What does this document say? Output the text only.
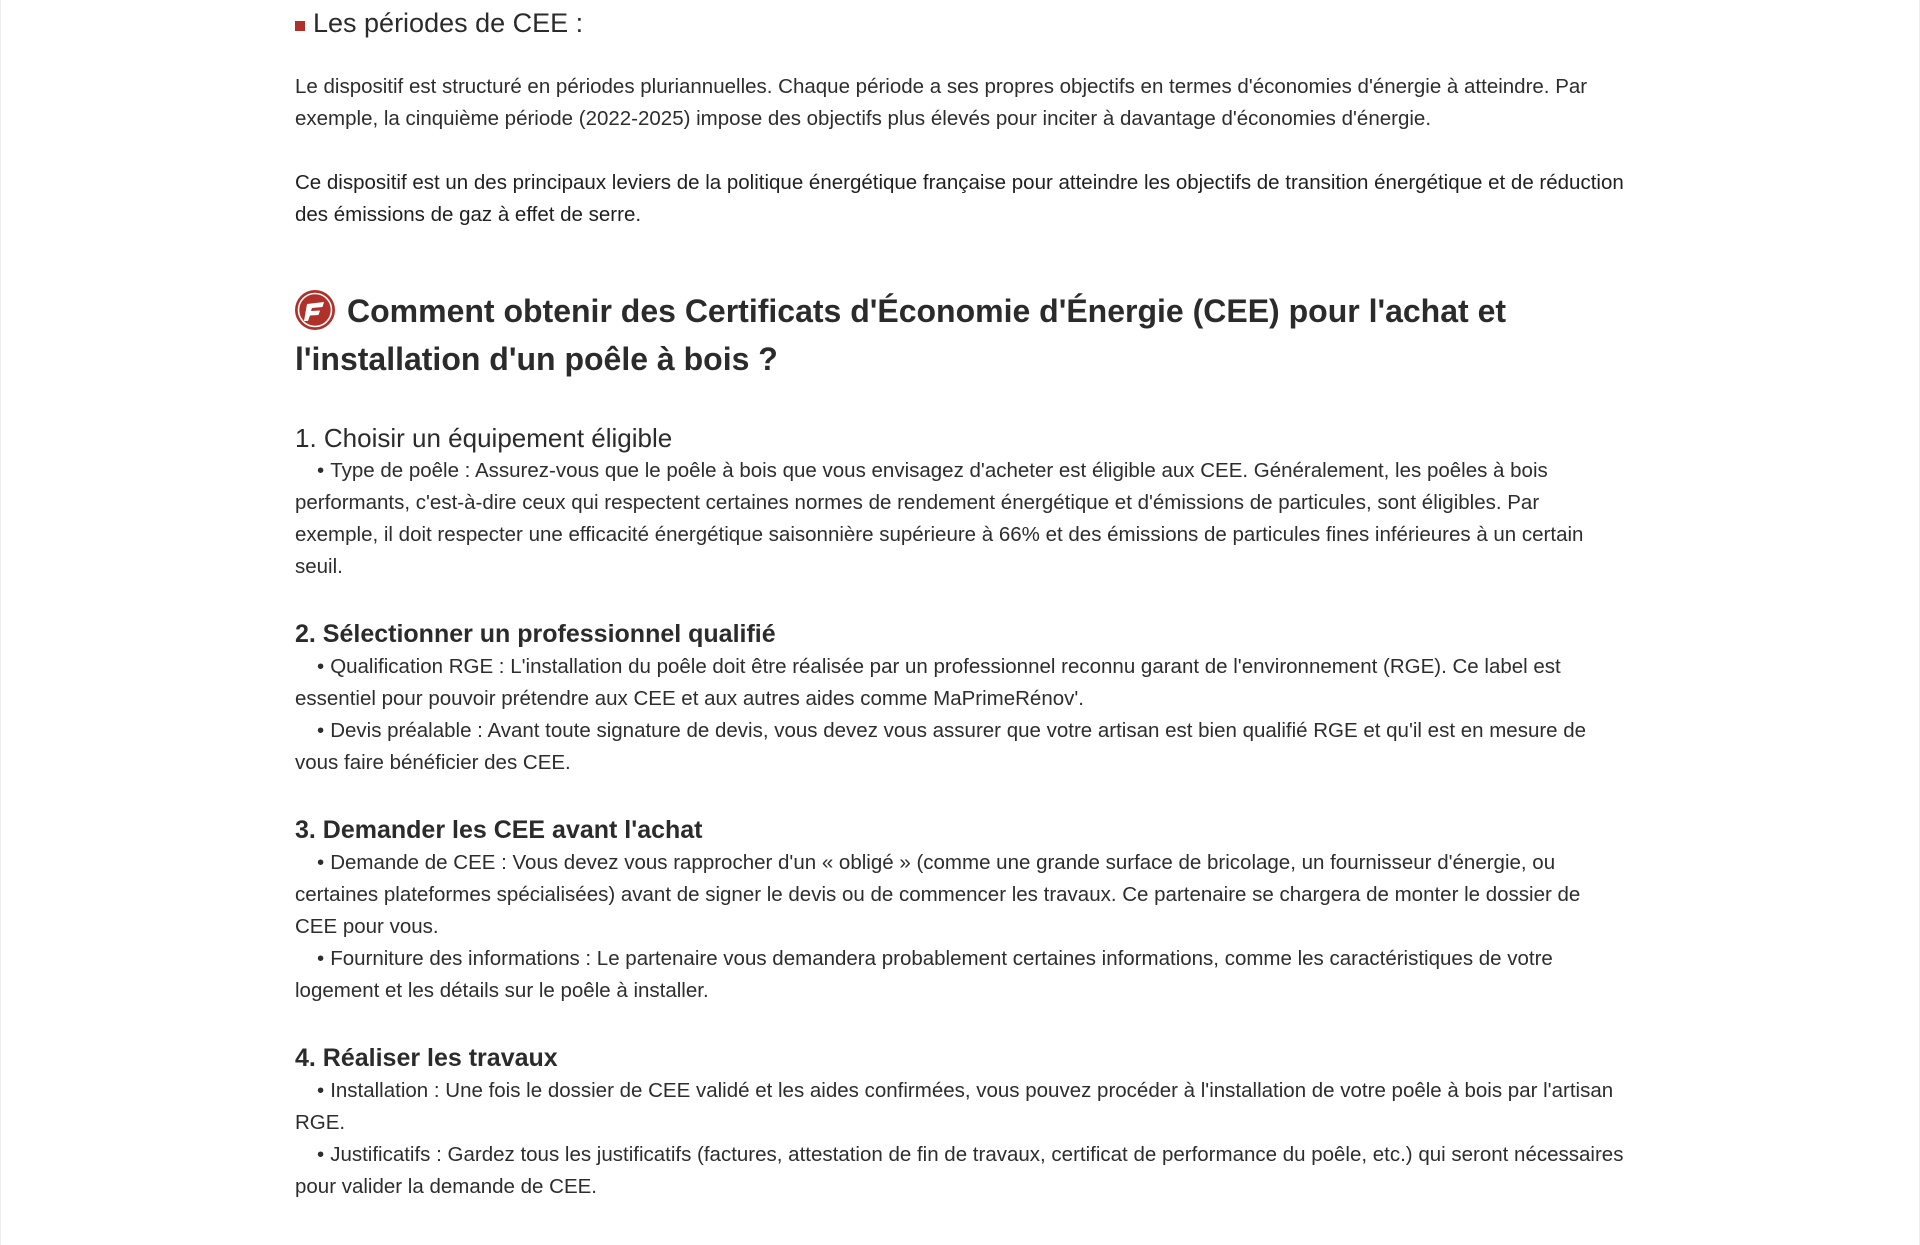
Les périodes de CEE :

Le dispositif est structuré en périodes pluriannuelles. Chaque période a ses propres objectifs en termes d'économies d'énergie à atteindre. Par exemple, la cinquième période (2022-2025) impose des objectifs plus élevés pour inciter à davantage d'économies d'énergie.

Ce dispositif est un des principaux leviers de la politique énergétique française pour atteindre les objectifs de transition énergétique et de réduction des émissions de gaz à effet de serre.

Comment obtenir des Certificats d'Économie d'Énergie (CEE) pour l'achat et l'installation d'un poêle à bois ?
1. Choisir un équipement éligible
• Type de poêle : Assurez-vous que le poêle à bois que vous envisagez d'acheter est éligible aux CEE. Généralement, les poêles à bois performants, c'est-à-dire ceux qui respectent certaines normes de rendement énergétique et d'émissions de particules, sont éligibles. Par exemple, il doit respecter une efficacité énergétique saisonnière supérieure à 66% et des émissions de particules fines inférieures à un certain seuil.
2. Sélectionner un professionnel qualifié
• Qualification RGE : L'installation du poêle doit être réalisée par un professionnel reconnu garant de l'environnement (RGE). Ce label est essentiel pour pouvoir prétendre aux CEE et aux autres aides comme MaPrimeRénov'.
• Devis préalable : Avant toute signature de devis, vous devez vous assurer que votre artisan est bien qualifié RGE et qu'il est en mesure de vous faire bénéficier des CEE.
3. Demander les CEE avant l'achat
• Demande de CEE : Vous devez vous rapprocher d'un « obligé » (comme une grande surface de bricolage, un fournisseur d'énergie, ou certaines plateformes spécialisées) avant de signer le devis ou de commencer les travaux. Ce partenaire se chargera de monter le dossier de CEE pour vous.
• Fourniture des informations : Le partenaire vous demandera probablement certaines informations, comme les caractéristiques de votre logement et les détails sur le poêle à installer.
4. Réaliser les travaux
• Installation : Une fois le dossier de CEE validé et les aides confirmées, vous pouvez procéder à l'installation de votre poêle à bois par l'artisan RGE.
• Justificatifs : Gardez tous les justificatifs (factures, attestation de fin de travaux, certificat de performance du poêle, etc.) qui seront nécessaires pour valider la demande de CEE.
